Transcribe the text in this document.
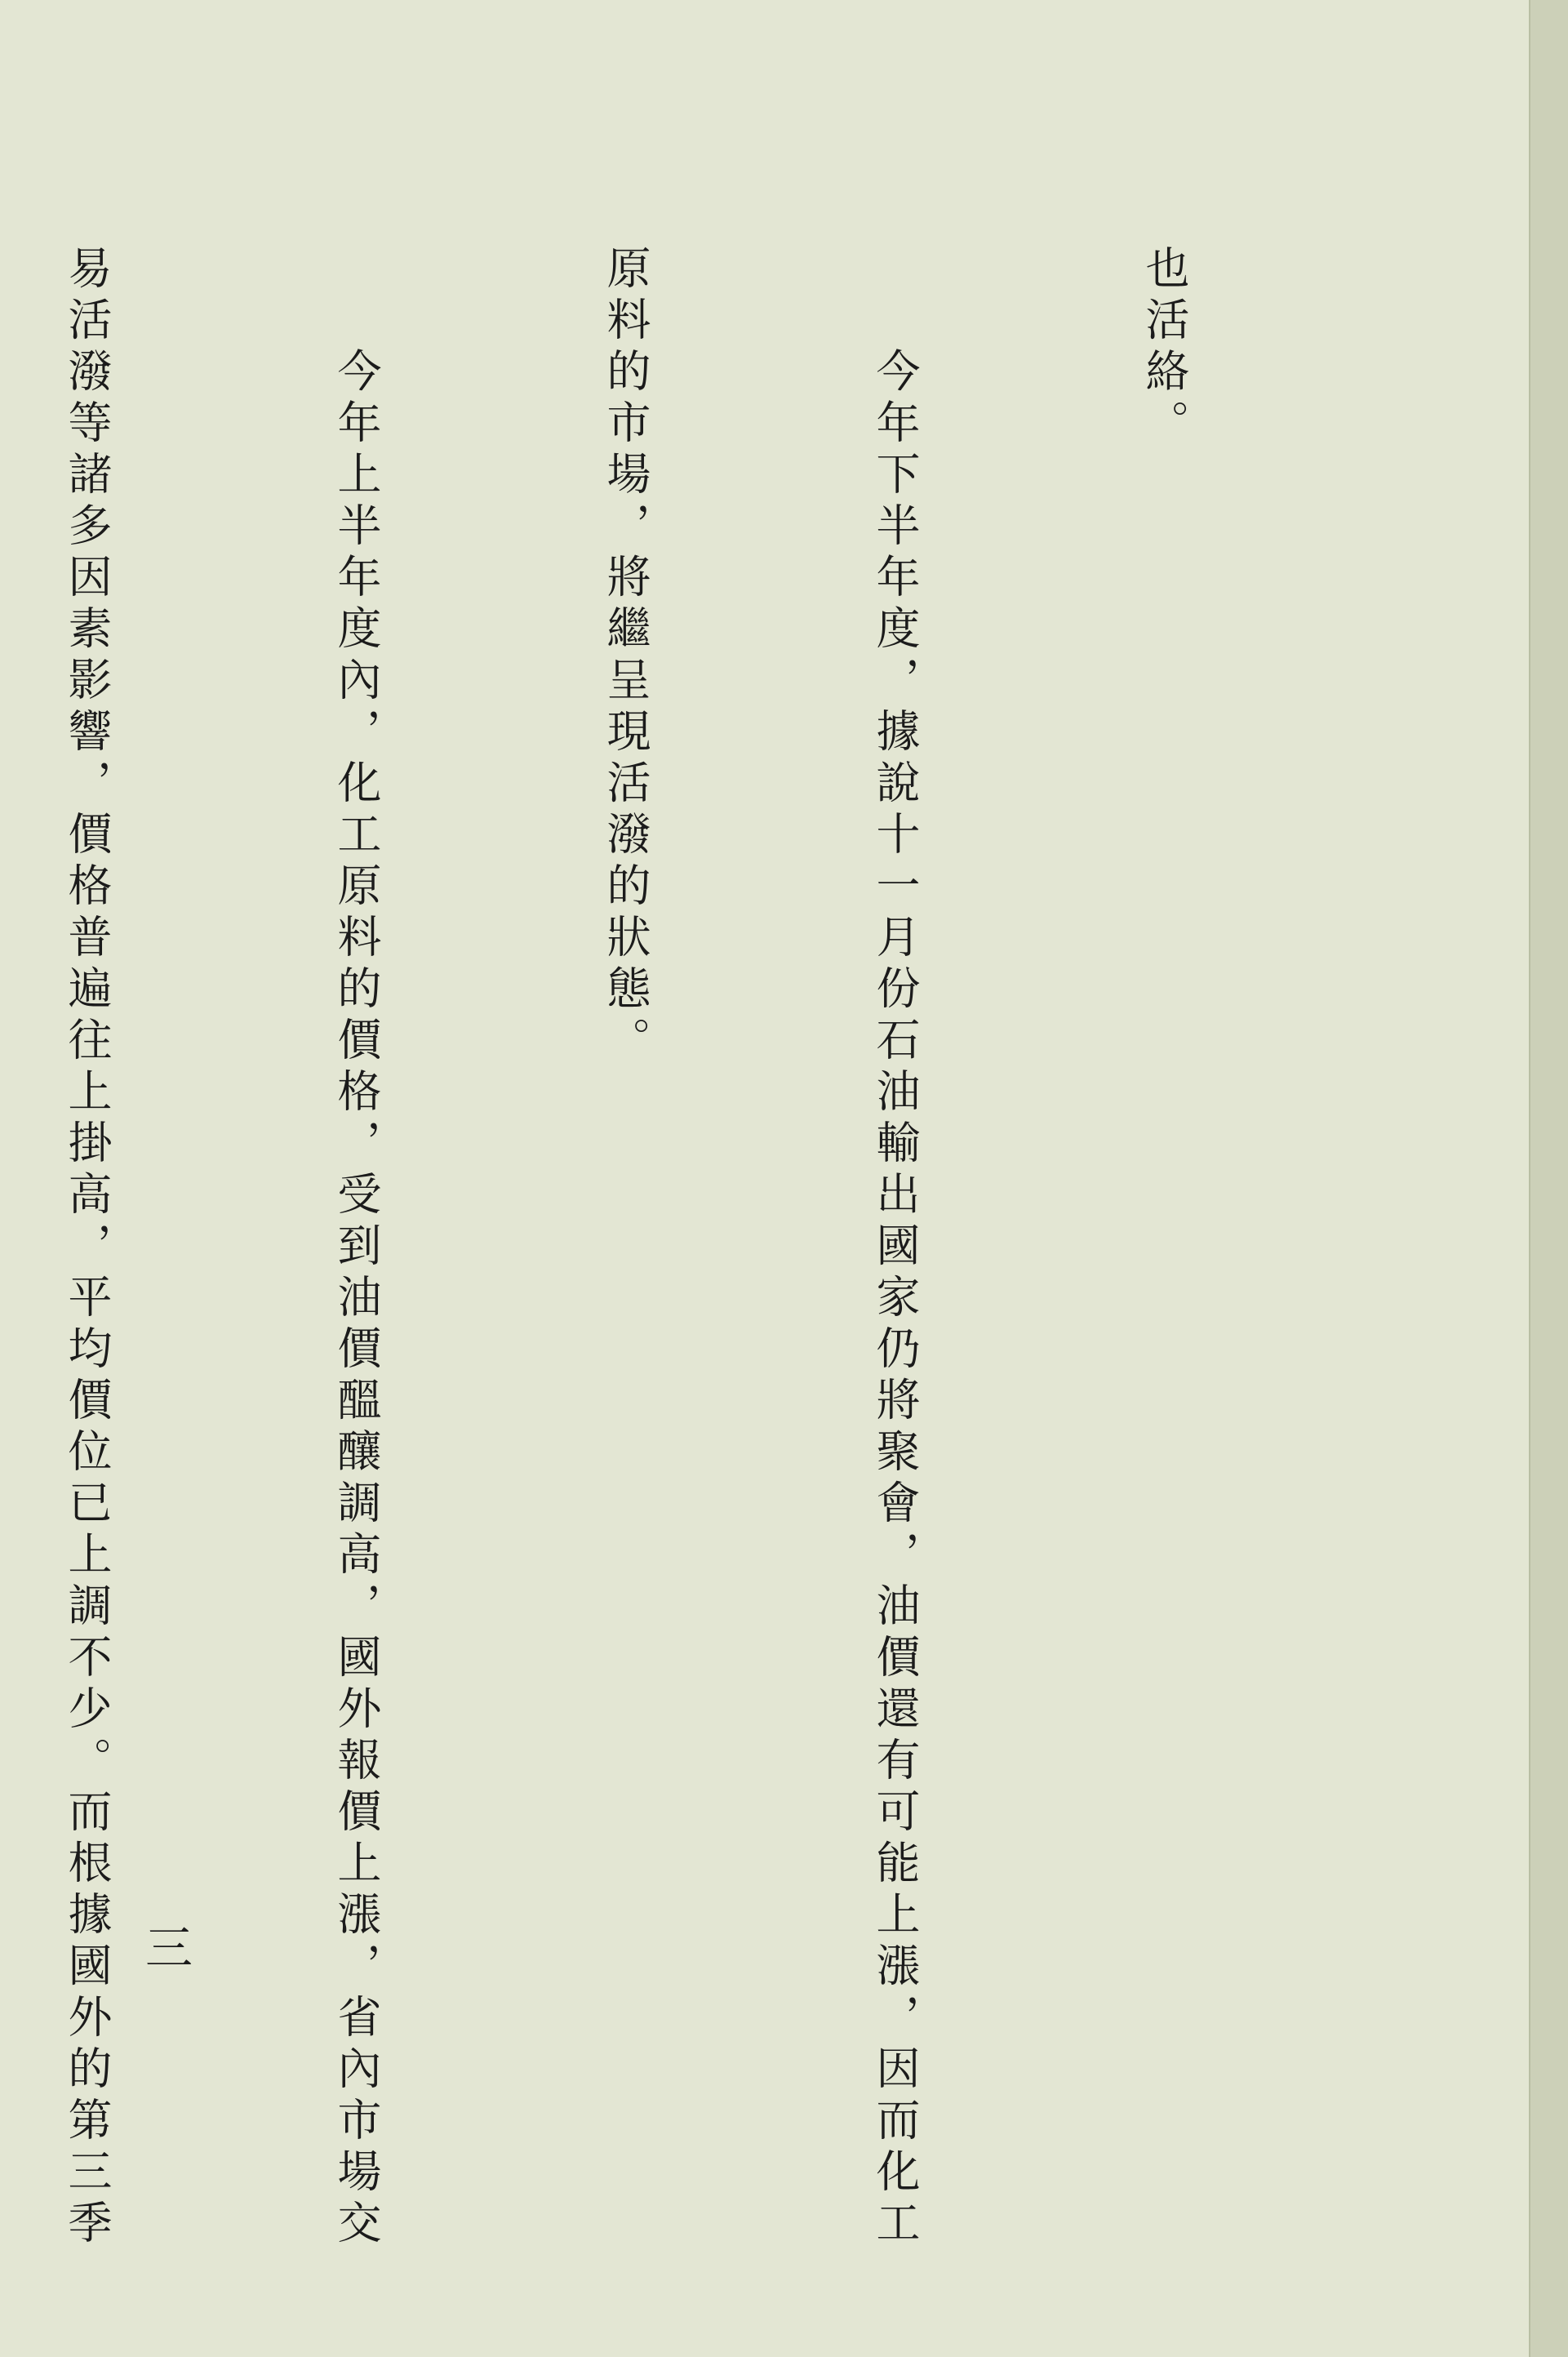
也活絡。

　　今年下半年度，據說十一月份石油輸出國家仍將聚會，油價還有可能上漲，因而化工

原料的市場，將繼呈現活潑的狀態。

　　今年上半年度內，化工原料的價格，受到油價醞釀調高，國外報價上漲，省內市場交

易活潑等諸多因素影響，價格普遍往上掛高，平均價位已上調不少。而根據國外的第三季

三
